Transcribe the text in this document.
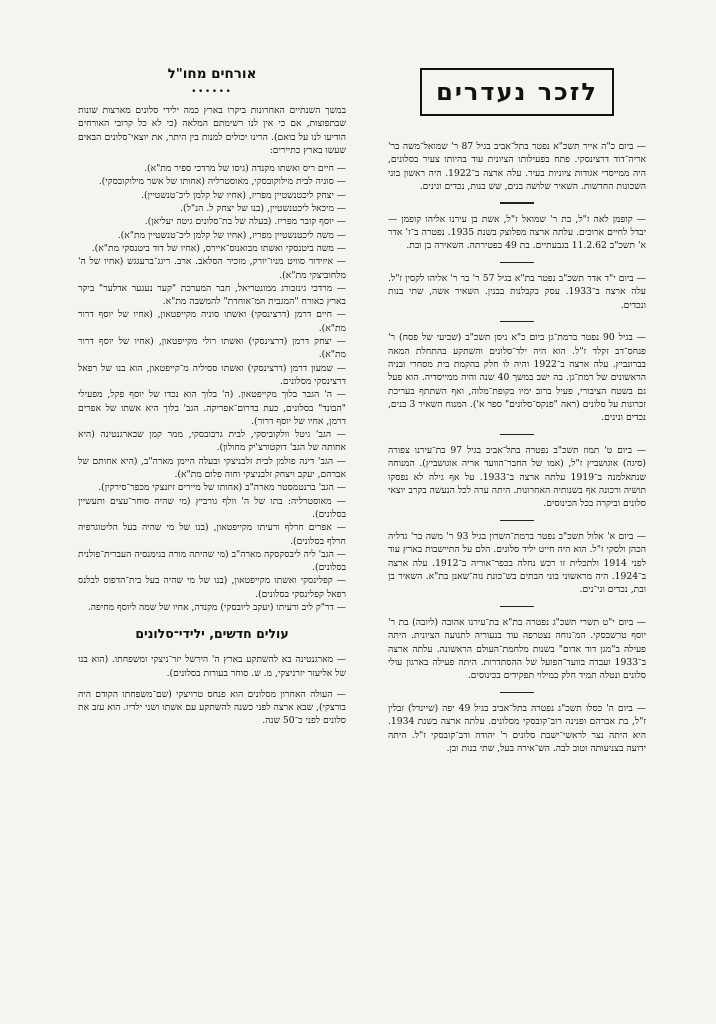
לזכר נעדרים
— ביום כ"ה אייר תשכ"א נפטר בתל־אביב בגיל 87 ר' שמואל־משה בר' אריה־דוד דרצינסקי. פתח בפעילותו הציונית עוד בהיותו צעיר בסלונים, היה ממייסדי אגודות ציוניות בעיר. עלה ארצה ב־1922. היה ראשון בוני השכונות החדשות. השאיר שלושה בנים, שש בנות, נכדים ונינים.
— קופמן לאה ז"ל, בת ר' שמואל ז"ל, אשת בן עירנו אליהו קופמן — יבדל לחיים ארוכים. עלתה ארצה מפלוצק בשנת 1935. נפטרה ב־ז' אדר א' תשכ"ב 11.2.62 בגבעתיים. בת 49 בפטירתה. השאירה בן ובת.
— ביום י"ד אדר תשכ"ב נפטר בת"א בגיל 57 ר' בר ר' אליהו לקסין ז"ל. עלה ארצה ב־1933. עסק בקבלנות בבנין. השאיר אשה, שתי בנות ונכדים.
— בגיל 90 נפטר ברמת־גן ביום כ"א ניסן תשכ"ב (שביעי של פסח) ר' פנחס־דב זקלד ז"ל. הוא היה ילד־סלונים והשתקע בהתחלת המאה בברונביץ. עלה ארצה ב־1922 והיה לו חלק בהקמת בית מסחרי ובניה הראשונים של רמת־גן. בה ישב במשך 40 שנה והיה ממייסדיה. הוא פעל גם בשטח הציבורי, פעיל ברוב ימיו בקופת־מלוה, ואף השתתף בעריכת זכרונות על סלונים (ראה "פנקס־סלונים" ספר א'). המנוח השאיר 3 בנים, נכדים ונינים.
— ביום ט' תמוז תשכ"ב נפטרה בתל־אביב בגיל 97 בת־עירנו צפורה (סיגה) אוגושביץ ז"ל, (אמו של החבר־הוועד אריה אוגושביץ). המנוחה שנתאלמנה ב־1919 עלתה ארצה ב־1933. על אף גילה לא נפסקו תושיה ורכונה אף בשנותיה האחרונות. היתה ערה לכל הנעשה בקרב יוצאי סלונים וביקרה בכל הכינוסים.
— ביום א' אלול תשכ"ב נפטר ברמת־השרון בגיל 93 ר' משה בר' גדליה הכהן ולסקי ז"ל. הוא היה חייט יליד סלונים. הלם על התיישבות בארץ עוד לפני 1914 ולתכלית זו רכש נחלה בכפר־אוריה ב־1912. עלה ארצה ב־1924. היה מראשוני בוני הבתים בש־כונת נוה־שאנן בת"א. השאיר בן ובת, נכדים וני־נים.
— ביום י"ט תשרי תשכ"ג נפטרה בת"א בת־עירנו אהובה (ליובה) בת ר' יוסף טרשבסקי. המ־נוחה נצטרפה עוד בנעוריה לתנועה הציונית. היתה פעילה ב"מגן דוד אדום" בשנות מלחמת־העולם הראשונה. עלתה ארצה ב־1933 ועבדה בוועד־הפועל של ההסתדרות. היתה פעילה בארגון עולי סלונים ונטלה תמיד חלק במילוי תפקידים בכינוסים.
— ביום ה' כסלו תשכ"ג נפטרה בתל־אביב בגיל 49 יפה (שיינדל) זבלין ז"ל, בת אברהם ופנינה רוב־קובסקי מסלונים. עלתה ארצה בשנת 1934. היא היתה נצר לראשי־ישבת סלונים ר' יהודה ודב־קובסקי ז"ל. היתה ידועה בצניעותה וטוב לבה. הש־אירה בעל, שתי בנות ובן.
אורחים מחו"ל
......
במשך השנתיים האחרונות ביקרו בארץ כמה ילידי סלונים מארצות שונות שבתפוצות, אם כי אין לנו רשימתם המלאה (כי לא כל קרובי האורחים הודיעו לנו על בואם). הרינו יכולים למנות בין היתר, את יוצאי־סלונים הבאים שעשו בארץ כתיירים:
— חיים ריס ואשתו מקנדה (גיסו של מרדכי ספיר מת"א).
— סוניה לבית מילוקובסקי, מאוסטרליה (אחותו של אשר מילוקובסקי).
— יצחק ליכטנשטיין מפריז, (אחיו של קלמן ליכ־טנשטיין).
— מיכאל ליכטנשטיין, (בנו של יצחק ל. הנ"ל).
— יוסף קובר מפריז. (בעלה של בת־סלונים גיטה יעליאן).
— משה ליכטנשטיין מפריז, (אחיו של קלמן ליכ־טנשטיין מת"א).
— משה ביטנסקי ואשתו מבואנוס־איירס, (אחיו של דוד ביטנסקי מת"א).
— איזידור סוויט מניו־יורק, מזכיר הסלאב. ארב. ריגג־ברעגגש (אחיו של ה' מלחוביצקי מת"א).
— מרדכי גינזבורג ממונטריאל, חבר המערכת "קער נעגער אדלער" ביקר בארץ כאורח "המגבית המ־אוחדת" להמשבה מת"א.
— חיים דרמן (דרצינסקי) ואשתו סוניה מקייפטאון, (אחיו של יוסף דרור מת"א).
— יצחק דרמן (דרצינסקי) ואשתו רולי מקייפטאון, (אחיו של יוסף דרור מת"א).
— שמעון דרמן (דרצינסקי) ואשתו ססיליה מ־קייפטאון, הוא בנו של רפאל דרצינסקי מסלונים.
— ה' הגבר בלוך מקייפטאון. (ה' בלוך הוא נכדו של יוסף פקל, מפעילי "הבונד" בסלונים, כעת בדרום־אפריקה. הגב' בלוך היא אשתו של אפרים דרמן, אחיו של יוסף דרור).
— הגב' גיטל וולקוביסקי, לבית גרבובסקי, ממר קמן שבארגנטינה (היא אחותה של הגב' דוקטורצ'יק מחולון).
— הגב' דינה פולמן לבית זלבניצקי ובעלה היימן מארה"ב, (היא אחותם של אברהם, יעקב ויצחק זלבניצקי וחוה פלום מת"א).
— הגב' ברנטמסטר מארה"ב (אחותו של מיירים זיזנצקי מכפר־סירקין).
— מאוסטרליה: בתו של ה' וולף גורביץ (מי שהיה סוחר־עצים ותעשיין בסלונים).
— אפרים חרלף ורעיתו מקייפטאון, (בנו של מי שהיה בעל הליטוגרפיה חרלף בסלונים).
— הגב' ליה ליבסקסקה מארה"ב (מי שהיתה מורה בגימנסיה העברית־פולנית בסלונים).
— קפלינסקי ואשתו מקייפטאון, (בנו של מי שהיה בעל בית־הדפוס לבלנס רפאל קפלינסקי בסלונים).
— דר"ק ליב ורעיתו (יעקב ליובסקי) מקנדה, אחיו של שמה ליוסף מחיפה.
עולים חדשים, ילידי־סלונים
— מארגנטינה בא להשתקע בארץ ה' הירשל יזר־ניצקי ומשפחתו. (הוא בנו של אליעזר יזרניצקי, מ. ש. סוחר בעורות בסלונים).
— העולה האחרון מסלונים הוא פנחס טרויצקי (שם־משפחתו הקודם היה בורצקי), שבא ארצה לפני כשנה להשתקע עם אשתו ושני ילדיו. הוא עזב את סלונים לפני כ־50 שנה.
